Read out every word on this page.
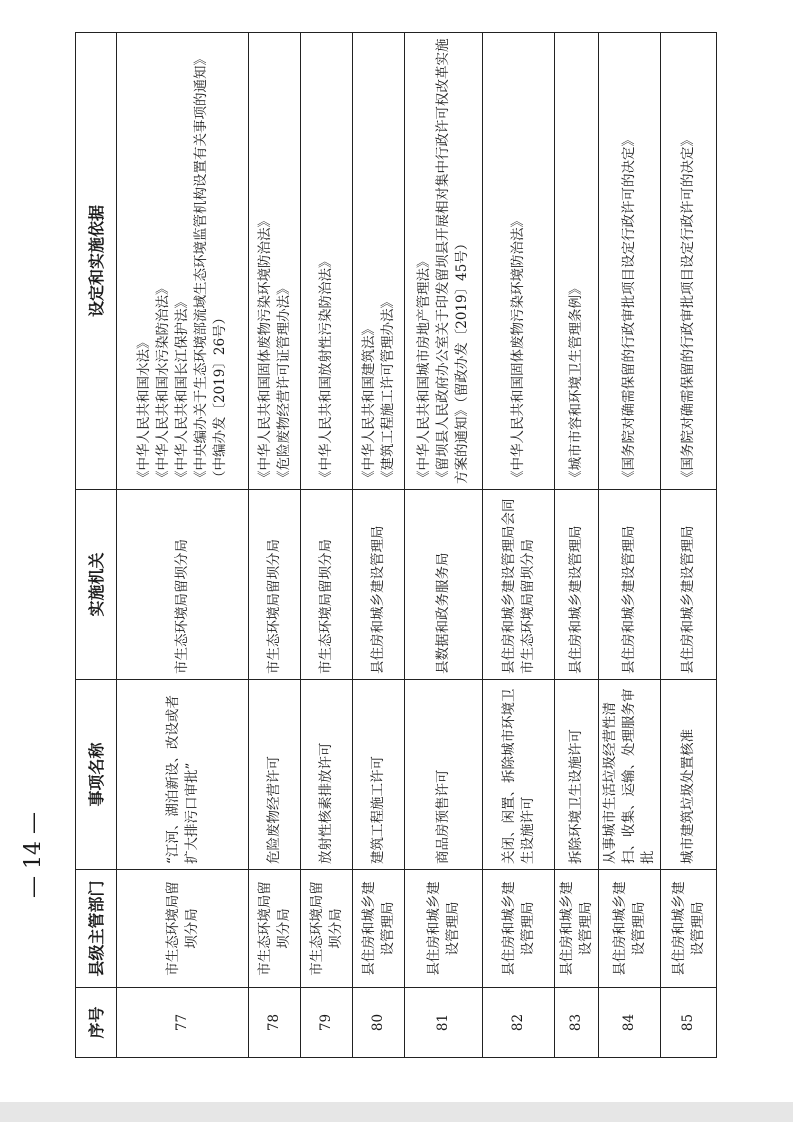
— 14 —
序号	县级主管部门	事项名称	实施机关	设定和实施依据
77	市生态环境局留坝分局	“江河、湖泊新设、改设或者扩大排污口审批”	市生态环境局留坝分局	《中华人民共和国水法》 《中华人民共和国水污染防治法》 《中华人民共和国长江保护法》 《中央编办关于生态环境部流域生态环境监管机构设置有关事项的通知》（中编办发〔2019〕26号）

78	市生态环境局留坝分局	危险废物经营许可	市生态环境局留坝分局	《中华人民共和国固体废物污染环境防治法》 《危险废物经营许可证管理办法》

79	市生态环境局留坝分局	放射性核素排放许可	市生态环境局留坝分局	《中华人民共和国放射性污染防治法》

80	县住房和城乡建设管理局	建筑工程施工许可	县住房和城乡建设管理局	《中华人民共和国建筑法》 《建筑工程施工许可管理办法》

81	县住房和城乡建设管理局	商品房预售许可	县数据和政务服务局	《中华人民共和国城市房地产管理法》 《留坝县人民政府办公室关于印发留坝县开展相对集中行政许可权改革实施方案的通知》（留政办发〔2019〕45号）

82	县住房和城乡建设管理局	关闭、闲置、拆除城市环境卫生设施许可	县住房和城乡建设管理局会同市生态环境局留坝分局	《中华人民共和国固体废物污染环境防治法》

83	县住房和城乡建设管理局	拆除环境卫生设施许可	县住房和城乡建设管理局	《城市市容和环境卫生管理条例》

84	县住房和城乡建设管理局	从事城市生活垃圾经营性清扫、收集、运输、处理服务审批	县住房和城乡建设管理局	《国务院对确需保留的行政审批项目设定行政许可的决定》

85	县住房和城乡建设管理局	城市建筑垃圾处置核准	县住房和城乡建设管理局	《国务院对确需保留的行政审批项目设定行政许可的决定》
